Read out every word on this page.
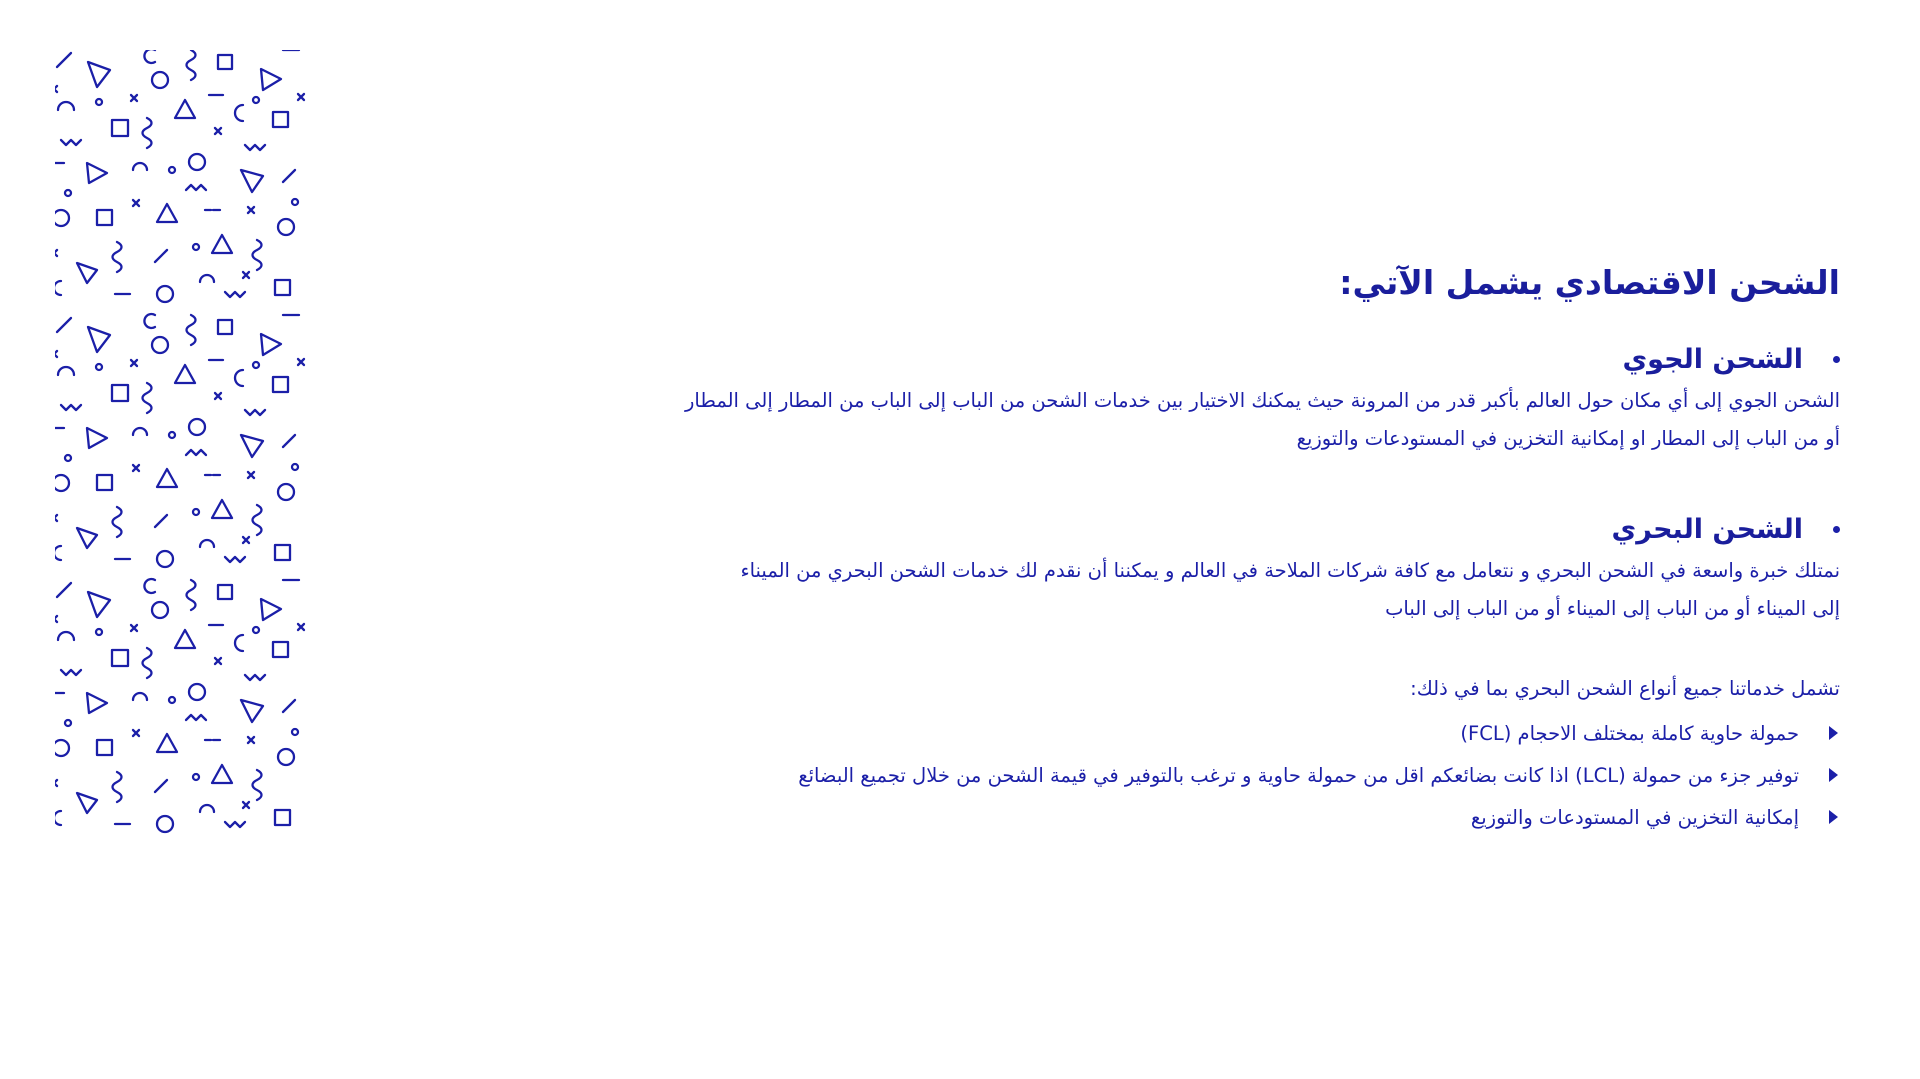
الشحن الاقتصادي يشمل الآتي:
الشحن الجوي

الشحن الجوي إلى أي مكان حول العالم بأكبر قدر من المرونة حيث يمكنك الاختيار بين خدمات الشحن من الباب إلى الباب من المطار إلى المطار

أو من الباب إلى المطار او إمكانية التخزين في المستودعات والتوزيع

الشحن البحري

نمتلك خبرة واسعة في الشحن البحري و نتعامل مع كافة شركات الملاحة في العالم و يمكننا أن نقدم لك خدمات الشحن البحري من الميناء

إلى الميناء أو من الباب إلى الميناء أو من الباب إلى الباب

تشمل خدماتنا جميع أنواع الشحن البحري بما في ذلك:

حمولة حاوية كاملة بمختلف الاحجام (FCL)
توفير جزء من حمولة (LCL) اذا كانت بضائعكم اقل من حمولة حاوية و ترغب بالتوفير في قيمة الشحن من خلال تجميع البضائع
إمكانية التخزين في المستودعات والتوزيع
